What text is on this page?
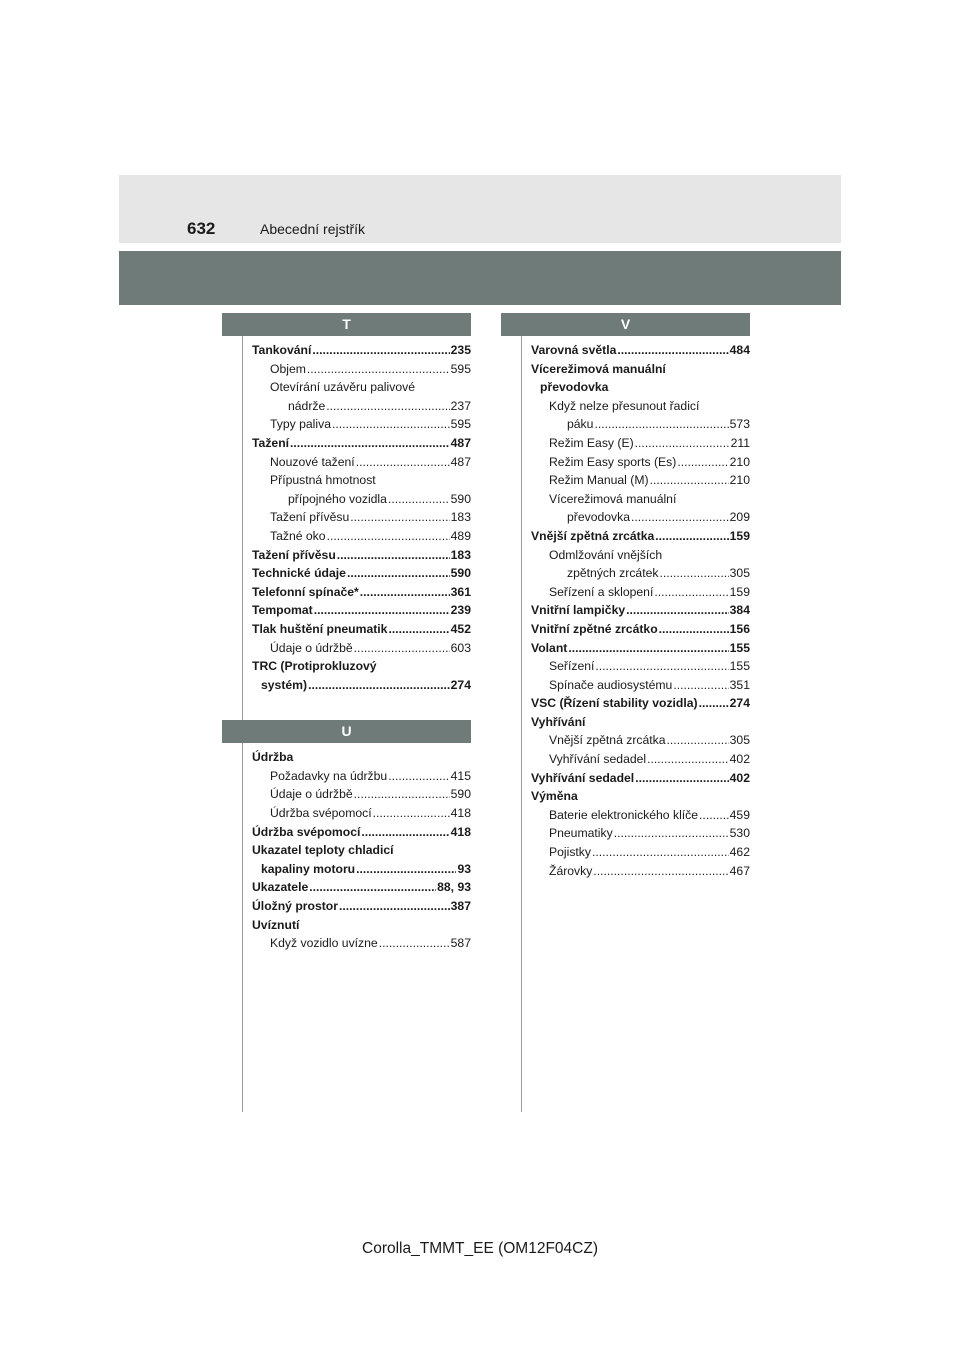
632	Abecední rejstřík
T
Tankování .....	235
Objem .....	595
Otevírání uzávěru palivové
nádrže .....	237
Typy paliva .....	595
Tažení .....	487
Nouzové tažení .....	487
Přípustná hmotnost
přípojného vozidla .....	590
Tažení přívěsu .....	183
Tažné oko .....	489
Tažení přívěsu .....	183
Technické údaje .....	590
Telefonní spínače* .....	361
Tempomat .....	239
Tlak huštění pneumatik .....	452
Údaje o údržbě .....	603
TRC (Protiprokluzový
systém) .....	274
U
Údržba
Požadavky na údržbu .....	415
Údaje o údržbě .....	590
Údržba svépomocí .....	418
Údržba svépomocí .....	418
Ukazatel teploty chladicí
kapaliny motoru .....	93
Ukazatele .....	88, 93
Úložný prostor .....	387
Uvíznutí
Když vozidlo uvízne .....	587
V
Varovná světla .....	484
Vícerežimová manuální
převodovka
Když nelze přesunout řadicí
páku .....	573
Režim Easy (E) .....	211
Režim Easy sports (Es) .....	210
Režim Manual (M) .....	210
Vícerežimová manuální
převodovka .....	209
Vnější zpětná zrcátka .....	159
Odmlžování vnějších
zpětných zrcátek .....	305
Seřízení a sklopení .....	159
Vnitřní lampičky .....	384
Vnitřní zpětné zrcátko .....	156
Volant .....	155
Seřízení .....	155
Spínače audiosystému .....	351
VSC (Řízení stability vozidla) .....	274
Vyhřívání
Vnější zpětná zrcátka .....	305
Vyhřívání sedadel .....	402
Vyhřívání sedadel .....	402
Výměna
Baterie elektronického klíče .....	459
Pneumatiky .....	530
Pojistky .....	462
Žárovky .....	467
Corolla_TMMT_EE (OM12F04CZ)
